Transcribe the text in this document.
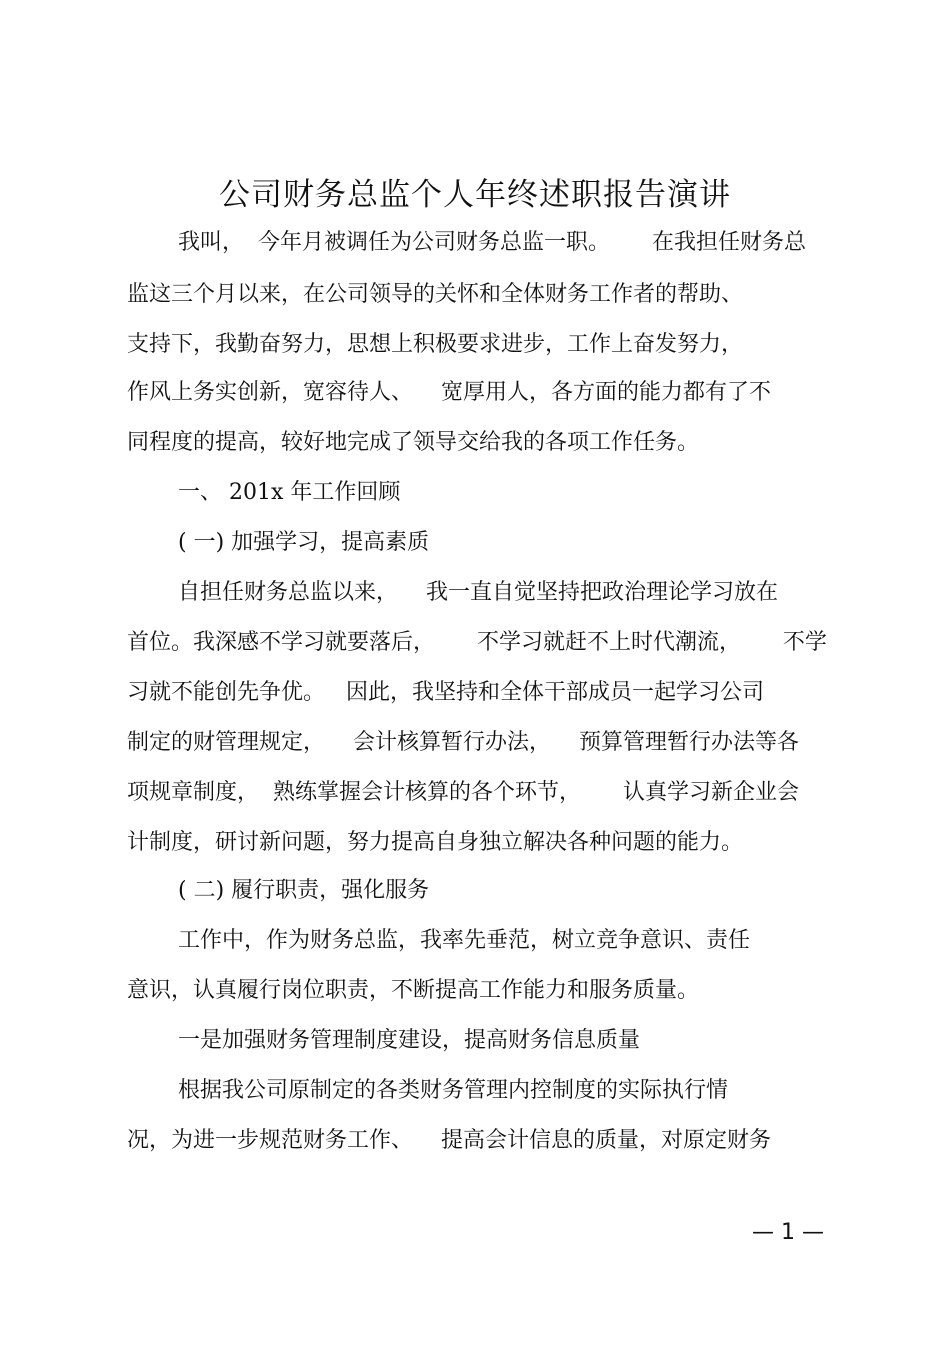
公司财务总监个人年终述职报告演讲
我叫，  今年月被调任为公司财务总监一职。      在我担任财务总
监这三个月以来，在公司领导的关怀和全体财务工作者的帮助、
支持下，我勤奋努力，思想上积极要求进步，工作上奋发努力，
作风上务实创新，宽容待人、    宽厚用人，各方面的能力都有了不
同程度的提高，较好地完成了领导交给我的各项工作任务。
一、 201x 年工作回顾
( 一) 加强学习，提高素质
自担任财务总监以来，    我一直自觉坚持把政治理论学习放在
首位。我深感不学习就要落后，      不学习就赶不上时代潮流，      不学
习就不能创先争优。   因此，我坚持和全体干部成员一起学习公司
制定的财管理规定，    会计核算暂行办法，    预算管理暂行办法等各
项规章制度，  熟练掌握会计核算的各个环节，      认真学习新企业会
计制度，研讨新问题，努力提高自身独立解决各种问题的能力。
( 二) 履行职责，强化服务
工作中，作为财务总监，我率先垂范，树立竞争意识、责任
意识，认真履行岗位职责，不断提高工作能力和服务质量。
一是加强财务管理制度建设，提高财务信息质量
根据我公司原制定的各类财务管理内控制度的实际执行情
况，为进一步规范财务工作、    提高会计信息的质量，对原定财务
— 1 —
